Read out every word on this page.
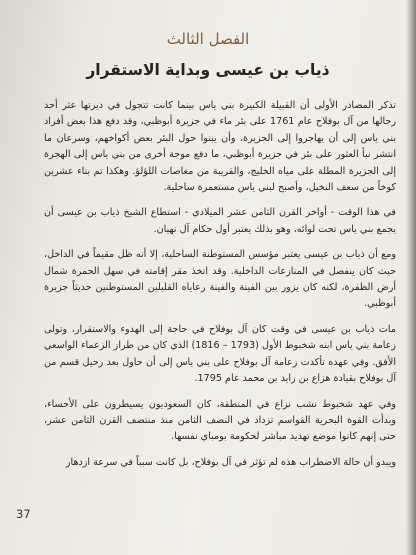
الفصل الثالث
ذياب بن عيسى وبداية الاستقرار

تذكر المصادر الأولى أن القبيلة الكبيرة بني ياس بينما كانت تتجول في ديرتها عثر أحد رجالها من آل بوفلاح عام 1761 على بئر ماء في جزيرة أبوظبي، وقد دفع هذا بعض أفراد بني ياس إلى أن يهاجروا إلى الجزيرة، وأن يبنوا حول البئر بعض أكواخهم، وسرعان ما انتشر نبأ العثور على بئر في جزيرة أبوظبي، ما دفع موجة أخرى من بني ياس إلى الهجرة إلى الجزيرة المطلة على مياه الخليج، والقريبة من مغاصات اللؤلؤ. وهكذا تم بناء عشرين كوخاً من سعف النخيل، وأصبح لبني ياس مستعمرة ساحلية.

في هذا الوقت - أواخر القرن الثامن عشر الميلادي - استطاع الشيخ ذياب بن عيسى أن يجمع بني ياس تحت لوائه، وهو بذلك يعتبر أول حكام آل نهيان.

ومع أن ذياب بن عيسى يعتبر مؤسس المستوطنة الساحلية، إلا أنه ظل مقيماً في الداخل، حيث كان ينفصل في المنازعات الداخلية. وقد اتخذ مقر إقامته في سهل الحمرة شمال أرض الظفرة، لكنه كان يزور بين الفينة والفينة رعاياه القليلين المستوطنين حديثاً جزيرة أبوظبي.

مات ذياب بن عيسى في وقت كان آل بوفلاح في حاجة إلى الهدوء والاستقرار، وتولى زعامة بني ياس ابنه شخبوط الأول (1793 – 1816) الذي كان من طراز الزعماء الواسعي الأفق. وفي عهده تأكدت زعامة آل بوفلاح على بني ياس إلى أن حاول بعد رحيل قسم من آل بوفلاح بقيادة هزاع بن زايد بن محمد عام 1795.

وفي عهد شخبوط نشب نزاع في المنطقة، كان السعوديون يسيطرون على الأحساء، وبدأت القوة البحرية القواسم تزداد في النصف الثامن منذ منتصف القرن الثامن عشر، حتى إنهم كانوا موضع تهديد مباشر لحكومة بومباي نفسها.

ويبدو أن حالة الاضطراب هذه لم تؤثر في آل بوفلاح، بل كانت سبباً في سرعة ازدهار

37
